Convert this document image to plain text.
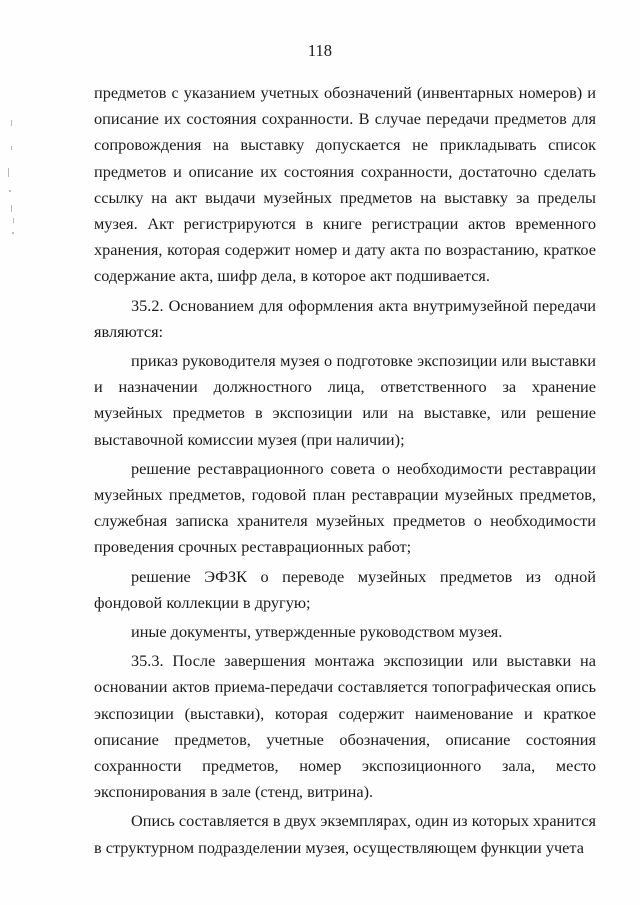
118

предметов с указанием учетных обозначений (инвентарных номеров) и описание их состояния сохранности. В случае передачи предметов для сопровождения на выставку допускается не прикладывать список предметов и описание их состояния сохранности, достаточно сделать ссылку на акт выдачи музейных предметов на выставку за пределы музея. Акт регистрируются в книге регистрации актов временного хранения, которая содержит номер и дату акта по возрастанию, краткое содержание акта, шифр дела, в которое акт подшивается.

35.2. Основанием для оформления акта внутримузейной передачи являются:

приказ руководителя музея о подготовке экспозиции или выставки и назначении должностного лица, ответственного за хранение музейных предметов в экспозиции или на выставке, или решение выставочной комиссии музея (при наличии);

решение реставрационного совета о необходимости реставрации музейных предметов, годовой план реставрации музейных предметов, служебная записка хранителя музейных предметов о необходимости проведения срочных реставрационных работ;

решение ЭФЗК о переводе музейных предметов из одной фондовой коллекции в другую;

иные документы, утвержденные руководством музея.

35.3. После завершения монтажа экспозиции или выставки на основании актов приема-передачи составляется топографическая опись экспозиции (выставки), которая содержит наименование и краткое описание предметов, учетные обозначения, описание состояния сохранности предметов, номер экспозиционного зала, место экспонирования в зале (стенд, витрина).

Опись составляется в двух экземплярах, один из которых хранится в структурном подразделении музея, осуществляющем функции учета
